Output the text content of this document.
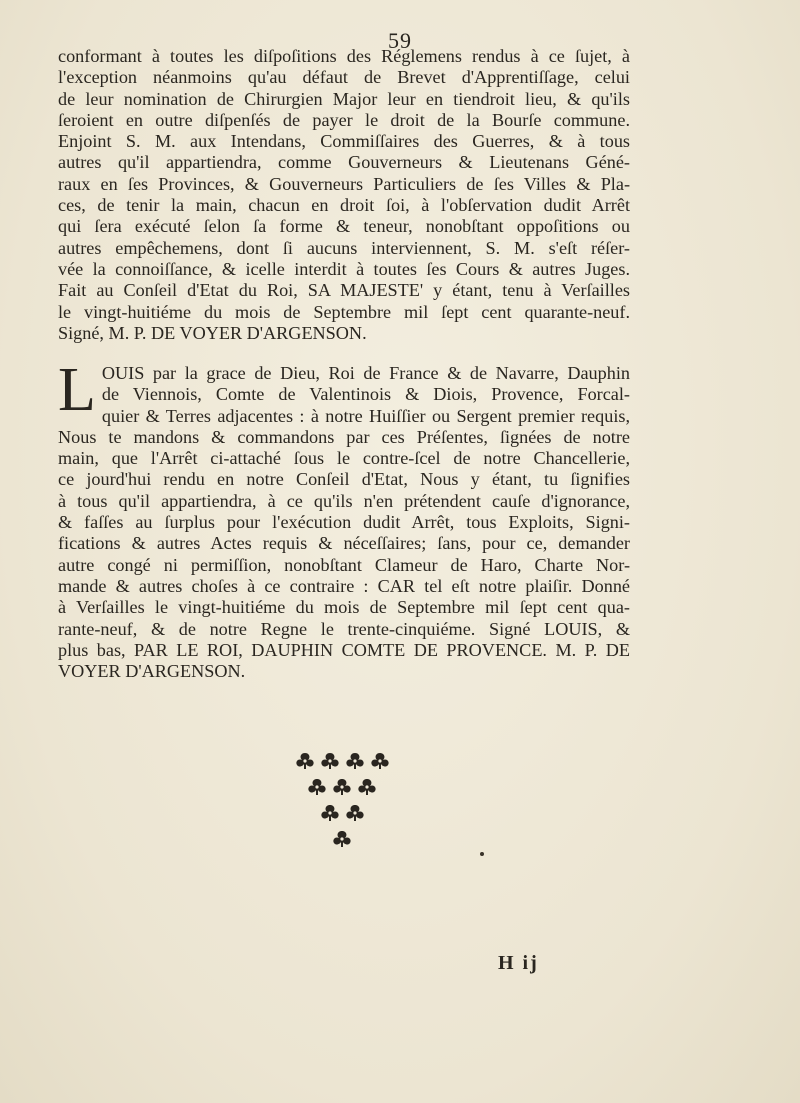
59
conformant à toutes les diſpoſitions des Réglemens rendus à ce ſujet, à
l'exception néanmoins qu'au défaut de Brevet d'Apprentiſſage, celui
de leur nomination de Chirurgien Major leur en tiendroit lieu, & qu'ils
ſeroient en outre diſpenſés de payer le droit de la Bourſe commune.
Enjoint S. M. aux Intendans, Commiſſaires des Guerres, & à tous
autres qu'il appartiendra, comme Gouverneurs & Lieutenans Géné-
raux en ſes Provinces, & Gouverneurs Particuliers de ſes Villes & Pla-
ces, de tenir la main, chacun en droit ſoi, à l'obſervation dudit Arrêt
qui ſera exécuté ſelon ſa forme & teneur, nonobſtant oppoſitions ou
autres empêchemens, dont ſi aucuns interviennent, S. M. s'eſt réſer-
vée la connoiſſance, & icelle interdit à toutes ſes Cours & autres Juges.
Fait au Conſeil d'Etat du Roi, SA MAJESTE' y étant, tenu à Verſailles
le vingt-huitiéme du mois de Septembre mil ſept cent quarante-neuf.
Signé, M. P. DE VOYER D'ARGENSON.
L OUIS par la grace de Dieu, Roi de France & de Navarre, Dauphin
de Viennois, Comte de Valentinois & Diois, Provence, Forcal-
quier & Terres adjacentes : à notre Huiſſier ou Sergent premier requis,
Nous te mandons & commandons par ces Préſentes, ſignées de notre
main, que l'Arrêt ci-attaché ſous le contre-ſcel de notre Chancellerie,
ce jourd'hui rendu en notre Conſeil d'Etat, Nous y étant, tu ſignifies
à tous qu'il appartiendra, à ce qu'ils n'en prétendent cauſe d'ignorance,
& faſſes au ſurplus pour l'exécution dudit Arrêt, tous Exploits, Signi-
fications & autres Actes requis & néceſſaires; ſans, pour ce, demander
autre congé ni permiſſion, nonobſtant Clameur de Haro, Charte Nor-
mande & autres choſes à ce contraire : CAR tel eſt notre plaiſir. Donné
à Verſailles le vingt-huitiéme du mois de Septembre mil ſept cent qua-
rante-neuf, & de notre Regne le trente-cinquiéme. Signé LOUIS, &
plus bas, PAR LE ROI, DAUPHIN COMTE DE PROVENCE. M. P. DE
VOYER D'ARGENSON.
H ij
